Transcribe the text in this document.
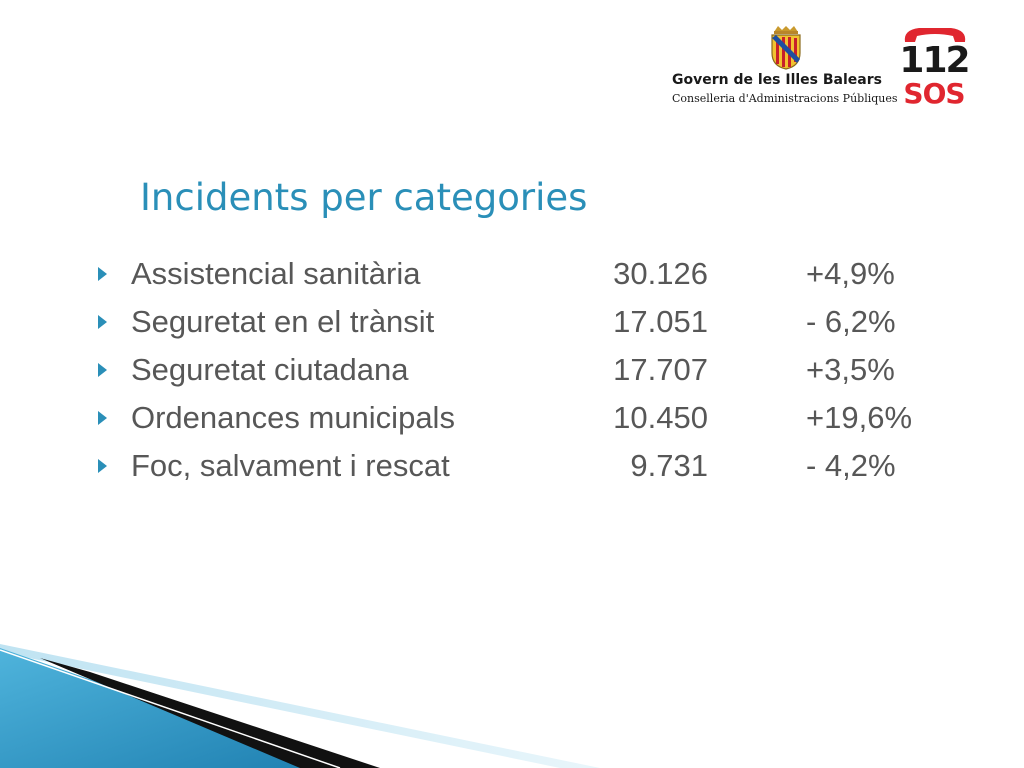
Govern de les Illes Balears
Conselleria d'Administracions Públiques
112
SOS
Incidents per categories
Assistencial sanitària	30.126	+4,9%
Seguretat en el trànsit	17.051	- 6,2%
Seguretat ciutadana	17.707	+3,5%
Ordenances municipals	10.450	+19,6%
Foc, salvament i rescat	9.731	- 4,2%
